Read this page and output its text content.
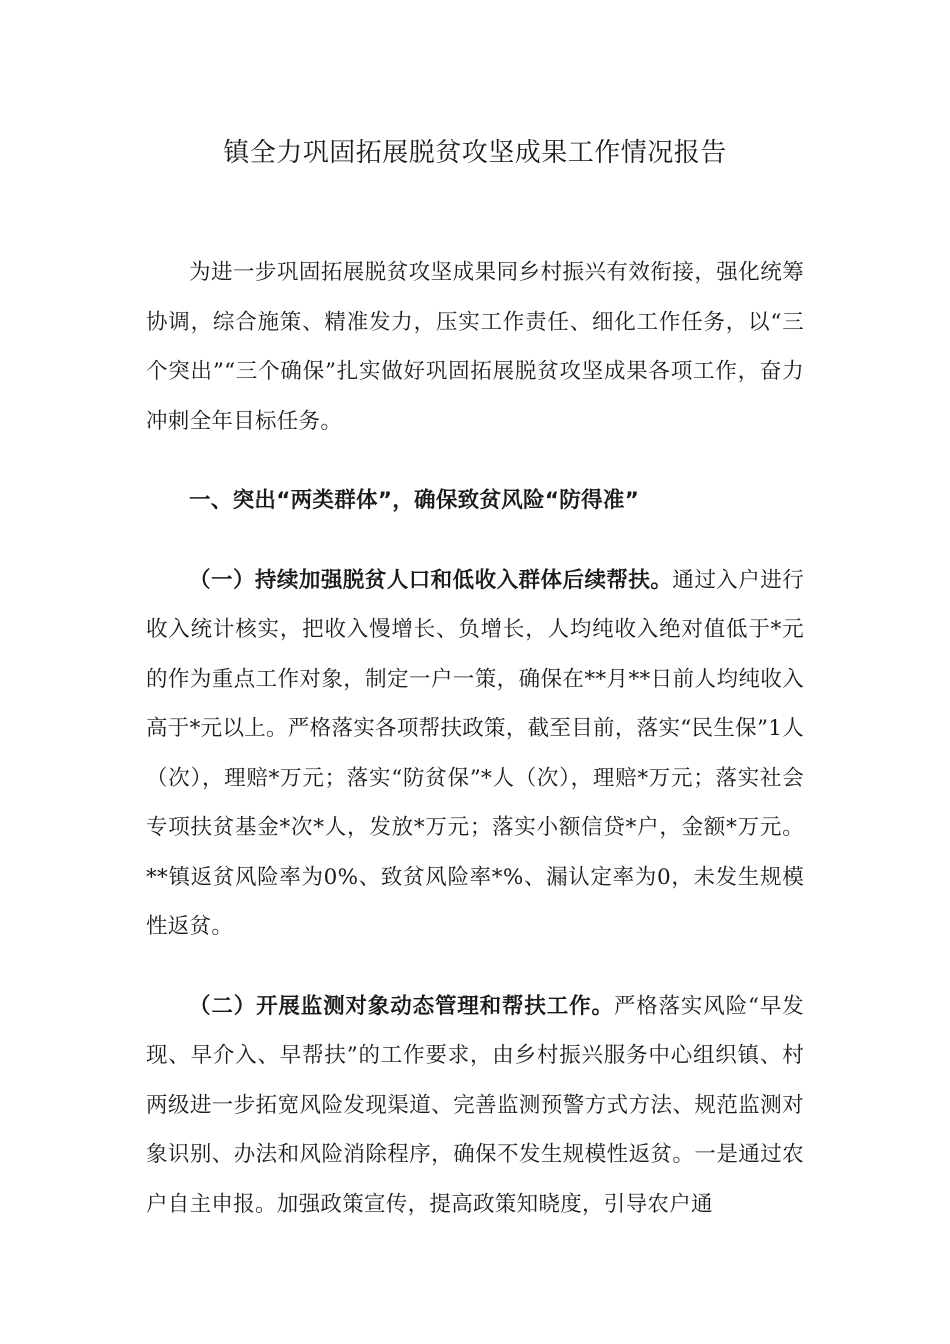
镇全力巩固拓展脱贫攻坚成果工作情况报告

为进一步巩固拓展脱贫攻坚成果同乡村振兴有效衔接，强化统筹协调，综合施策、精准发力，压实工作责任、细化工作任务，以“三个突出”“三个确保”扎实做好巩固拓展脱贫攻坚成果各项工作，奋力冲刺全年目标任务。

一、突出“两类群体”，确保致贫风险“防得准”

（一）持续加强脱贫人口和低收入群体后续帮扶。通过入户进行收入统计核实，把收入慢增长、负增长，人均纯收入绝对值低于*元的作为重点工作对象，制定一户一策，确保在**月**日前人均纯收入高于*元以上。严格落实各项帮扶政策，截至目前，落实“民生保”1人（次），理赔*万元；落实“防贫保”*人（次），理赔*万元；落实社会专项扶贫基金*次*人，发放*万元；落实小额信贷*户，金额*万元。**镇返贫风险率为0%、致贫风险率*%、漏认定率为0，未发生规模性返贫。

（二）开展监测对象动态管理和帮扶工作。严格落实风险“早发现、早介入、早帮扶”的工作要求，由乡村振兴服务中心组织镇、村两级进一步拓宽风险发现渠道、完善监测预警方式方法、规范监测对象识别、办法和风险消除程序，确保不发生规模性返贫。一是通过农户自主申报。加强政策宣传，提高政策知晓度，引导农户通
